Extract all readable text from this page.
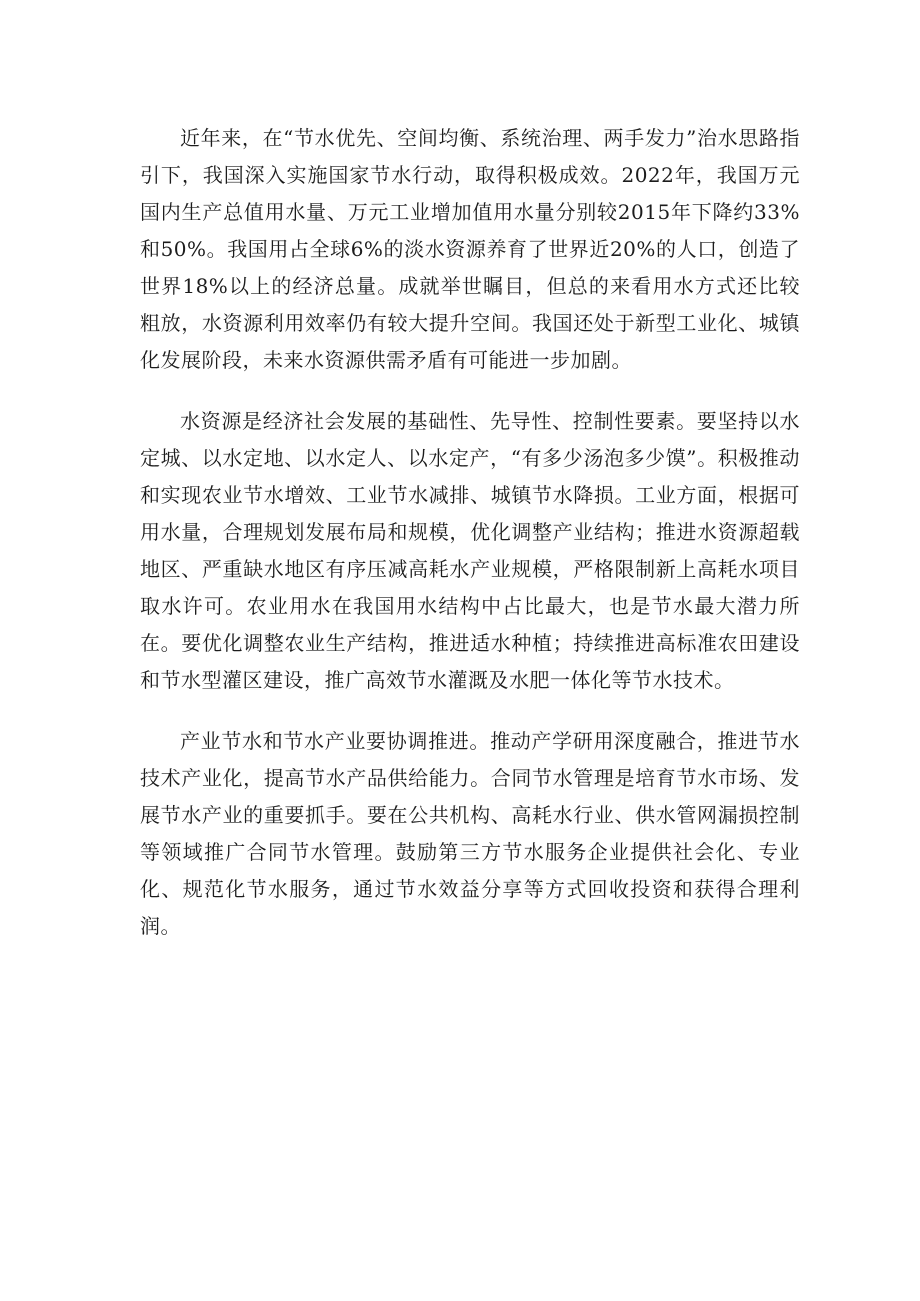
近年来，在“节水优先、空间均衡、系统治理、两手发力”治水思路指引下，我国深入实施国家节水行动，取得积极成效。2022年，我国万元国内生产总值用水量、万元工业增加值用水量分别较2015年下降约33%和50%。我国用占全球6%的淡水资源养育了世界近20%的人口，创造了世界18%以上的经济总量。成就举世瞩目，但总的来看用水方式还比较粗放，水资源利用效率仍有较大提升空间。我国还处于新型工业化、城镇化发展阶段，未来水资源供需矛盾有可能进一步加剧。

水资源是经济社会发展的基础性、先导性、控制性要素。要坚持以水定城、以水定地、以水定人、以水定产，“有多少汤泡多少馍”。积极推动和实现农业节水增效、工业节水减排、城镇节水降损。工业方面，根据可用水量，合理规划发展布局和规模，优化调整产业结构；推进水资源超载地区、严重缺水地区有序压减高耗水产业规模，严格限制新上高耗水项目取水许可。农业用水在我国用水结构中占比最大，也是节水最大潜力所在。要优化调整农业生产结构，推进适水种植；持续推进高标准农田建设和节水型灌区建设，推广高效节水灌溉及水肥一体化等节水技术。

产业节水和节水产业要协调推进。推动产学研用深度融合，推进节水技术产业化，提高节水产品供给能力。合同节水管理是培育节水市场、发展节水产业的重要抓手。要在公共机构、高耗水行业、供水管网漏损控制等领域推广合同节水管理。鼓励第三方节水服务企业提供社会化、专业化、规范化节水服务，通过节水效益分享等方式回收投资和获得合理利润。
